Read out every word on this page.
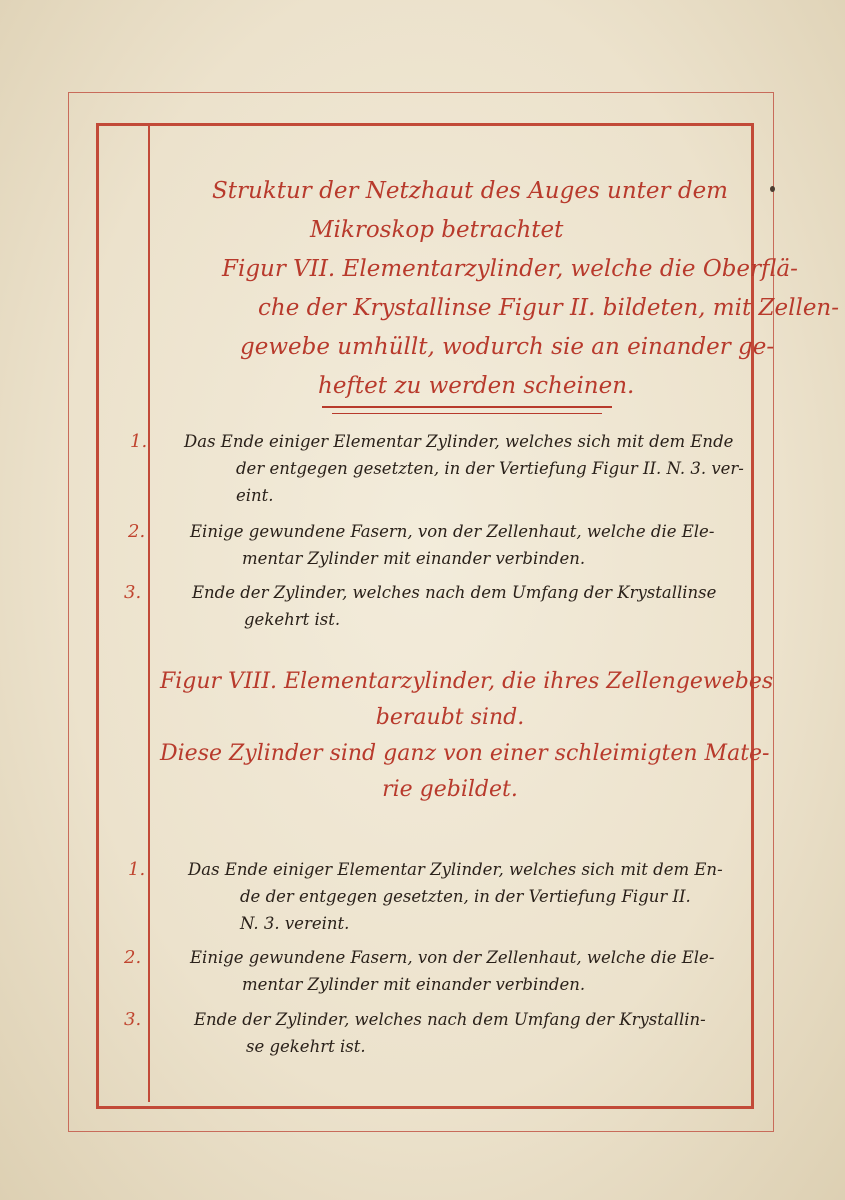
Struktur der Netzhaut des Auges unter dem
Mikroskop betrachtet
Figur VII. Elementarzylinder, welche die Oberflä-
che der Krystallinse Figur II. bildeten, mit Zellen-
gewebe umhüllt, wodurch sie an einander ge-
heftet zu werden scheinen.
1.	Das Ende einiger Elementar Zylinder, welches sich mit dem Ende
der entgegen gesetzten, in der Vertiefung Figur II. N. 3. ver-
eint.
2.	Einige gewundene Fasern, von der Zellenhaut, welche die Ele-
mentar Zylinder mit einander verbinden.
3.	Ende der Zylinder, welches nach dem Umfang der Krystallinse
gekehrt ist.
Figur VIII. Elementarzylinder, die ihres Zellengewebes
beraubt sind.
Diese Zylinder sind ganz von einer schleimigten Mate-
rie gebildet.
1.	Das Ende einiger Elementar Zylinder, welches sich mit dem En-
de der entgegen gesetzten, in der Vertiefung Figur II.
N. 3. vereint.
2.	Einige gewundene Fasern, von der Zellenhaut, welche die Ele-
mentar Zylinder mit einander verbinden.
3.	Ende der Zylinder, welches nach dem Umfang der Krystallin-
se gekehrt ist.
